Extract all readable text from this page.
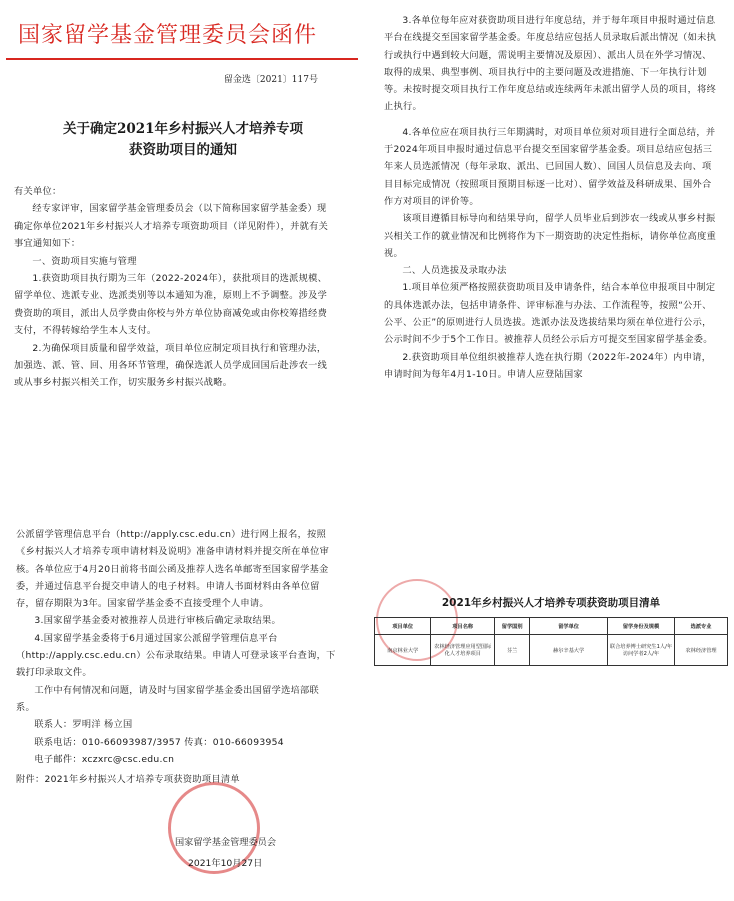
国家留学基金管理委员会函件
留金选〔2021〕117号
关于确定2021年乡村振兴人才培养专项
获资助项目的通知

有关单位：

经专家评审，国家留学基金管理委员会（以下简称国家留学基金委）现确定你单位2021年乡村振兴人才培养专项资助项目（详见附件），并就有关事宜通知如下：

一、资助项目实施与管理

1.获资助项目执行期为三年（2022-2024年），获批项目的选派规模、留学单位、选派专业、选派类别等以本通知为准，原则上不予调整。涉及学费资助的项目，派出人员学费由你校与外方单位协商减免或由你校筹措经费支付，不得转嫁给学生本人支付。

2.为确保项目质量和留学效益，项目单位应制定项目执行和管理办法，加强选、派、管、回、用各环节管理，确保选派人员学成回国后赴涉农一线或从事乡村振兴相关工作，切实服务乡村振兴战略。

3.各单位每年应对获资助项目进行年度总结，并于每年项目申报时通过信息平台在线提交至国家留学基金委。年度总结应包括人员录取后派出情况（如未执行或执行中遇到较大问题，需说明主要情况及原因）、派出人员在外学习情况、取得的成果、典型事例、项目执行中的主要问题及改进措施、下一年执行计划等。未按时提交项目执行工作年度总结或连续两年未派出留学人员的项目，将终止执行。

4.各单位应在项目执行三年期满时，对项目单位须对项目进行全面总结，并于2024年项目申报时通过信息平台提交至国家留学基金委。项目总结应包括三年来人员选派情况（每年录取、派出、已回国人数）、回国人员信息及去向、项目目标完成情况（按照项目预期目标逐一比对）、留学效益及科研成果、国外合作方对项目的评价等。

该项目遵循目标导向和结果导向，留学人员毕业后到涉农一线或从事乡村振兴相关工作的就业情况和比例将作为下一期资助的决定性指标，请你单位高度重视。

二、人员选拔及录取办法

1.项目单位须严格按照获资助项目及申请条件，结合本单位申报项目中制定的具体选派办法，包括申请条件、评审标准与办法、工作流程等，按照“公开、公平、公正”的原则进行人员选拔。选派办法及选拔结果均须在单位进行公示，公示时间不少于5个工作日。被推荐人员经公示后方可提交至国家留学基金委。

2.获资助项目单位组织被推荐人选在执行期（2022年-2024年）内申请，申请时间为每年4月1-10日。申请人应登陆国家

公派留学管理信息平台（http://apply.csc.edu.cn）进行网上报名，按照《乡村振兴人才培养专项申请材料及说明》准备申请材料并提交所在单位审核。各单位应于4月20日前将书面公函及推荐人选名单邮寄至国家留学基金委，并通过信息平台提交申请人的电子材料。申请人书面材料由各单位留存，留存期限为3年。国家留学基金委不直接受理个人申请。

3.国家留学基金委对被推荐人员进行审核后确定录取结果。

4.国家留学基金委将于6月通过国家公派留学管理信息平台（http://apply.csc.edu.cn）公布录取结果。申请人可登录该平台查询，下载打印录取文件。

工作中有何情况和问题，请及时与国家留学基金委出国留学选培部联系。

联系人：罗明洋 杨立国

联系电话：010-66093987/3957 传真：010-66093954

电子邮件：xczxrc@csc.edu.cn

附件：2021年乡村振兴人才培养专项获资助项目清单

国家留学基金管理委员会
2021年10月27日
2021年乡村振兴人才培养专项获资助项目清单
项目单位	项目名称	留学国别	留学单位	留学身份及规模	选派专业
南京林业大学	农林经济管理应用型国际化人才培养项目	芬兰	赫尔辛基大学	联合培养博士研究生1人/年 访问学者2人/年	农林经济管理
